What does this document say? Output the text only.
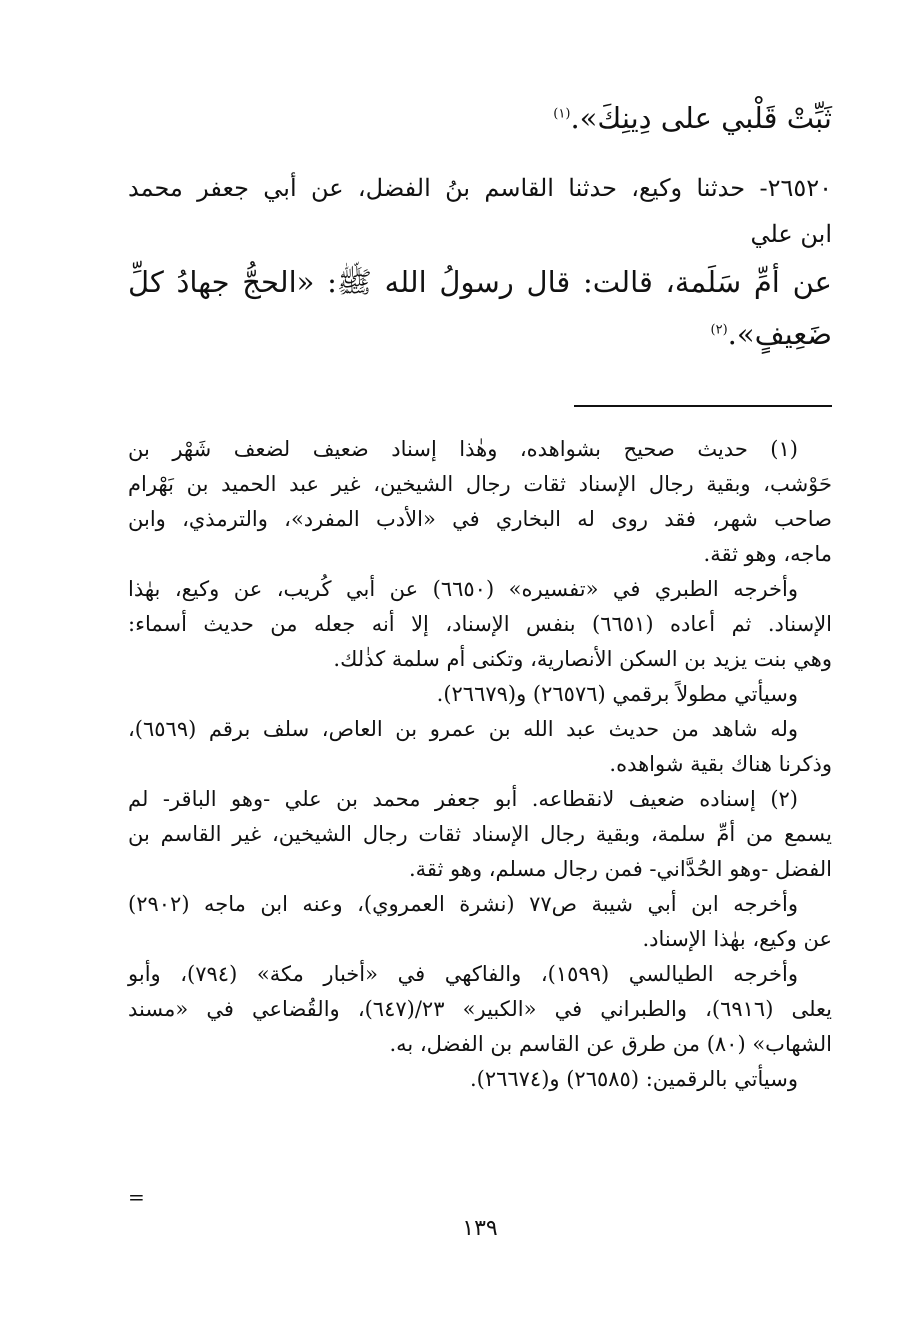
ثَبِّتْ قَلْبي على دِينِكَ».$^{(١)}$
٢٦٥٢٠- حدثنا وكيع، حدثنا القاسم بنُ الفضل، عن أبي جعفر محمد
ابن علي
عن أمِّ سَلَمة، قالت: قال رسولُ الله ﷺ: «الحجُّ جهادُ كلِّ
ضَعِيفٍ».$^{(٢)}$
(١) حديث صحيح بشواهده، وهٰذا إسناد ضعيف لضعف شَهْر بن
حَوْشب، وبقية رجال الإسناد ثقات رجال الشيخين، غير عبد الحميد بن بَهْرام
صاحب شهر، فقد روى له البخاري في «الأدب المفرد»، والترمذي، وابن
ماجه، وهو ثقة.
وأخرجه الطبري في «تفسيره» (٦٦٥٠) عن أبي كُريب، عن وكيع، بهٰذا
الإسناد. ثم أعاده (٦٦٥١) بنفس الإسناد، إلا أنه جعله من حديث أسماء:
وهي بنت يزيد بن السكن الأنصارية، وتكنى أم سلمة كذٰلك.
وسيأتي مطولاً برقمي (٢٦٥٧٦) و(٢٦٦٧٩).
وله شاهد من حديث عبد الله بن عمرو بن العاص، سلف برقم (٦٥٦٩)،
وذكرنا هناك بقية شواهده.
(٢) إسناده ضعيف لانقطاعه. أبو جعفر محمد بن علي -وهو الباقر- لم
يسمع من أمِّ سلمة، وبقية رجال الإسناد ثقات رجال الشيخين، غير القاسم بن
الفضل -وهو الحُدَّاني- فمن رجال مسلم، وهو ثقة.
وأخرجه ابن أبي شيبة ص٧٧ (نشرة العمروي)، وعنه ابن ماجه (٢٩٠٢)
عن وكيع، بهٰذا الإسناد.
وأخرجه الطيالسي (١٥٩٩)، والفاكهي في «أخبار مكة» (٧٩٤)، وأبو
يعلى (٦٩١٦)، والطبراني في «الكبير» ٢٣/(٦٤٧)، والقُضاعي في «مسند
الشهاب» (٨٠) من طرق عن القاسم بن الفضل، به.
وسيأتي بالرقمين: (٢٦٥٨٥) و(٢٦٦٧٤).
=
١٣٩
